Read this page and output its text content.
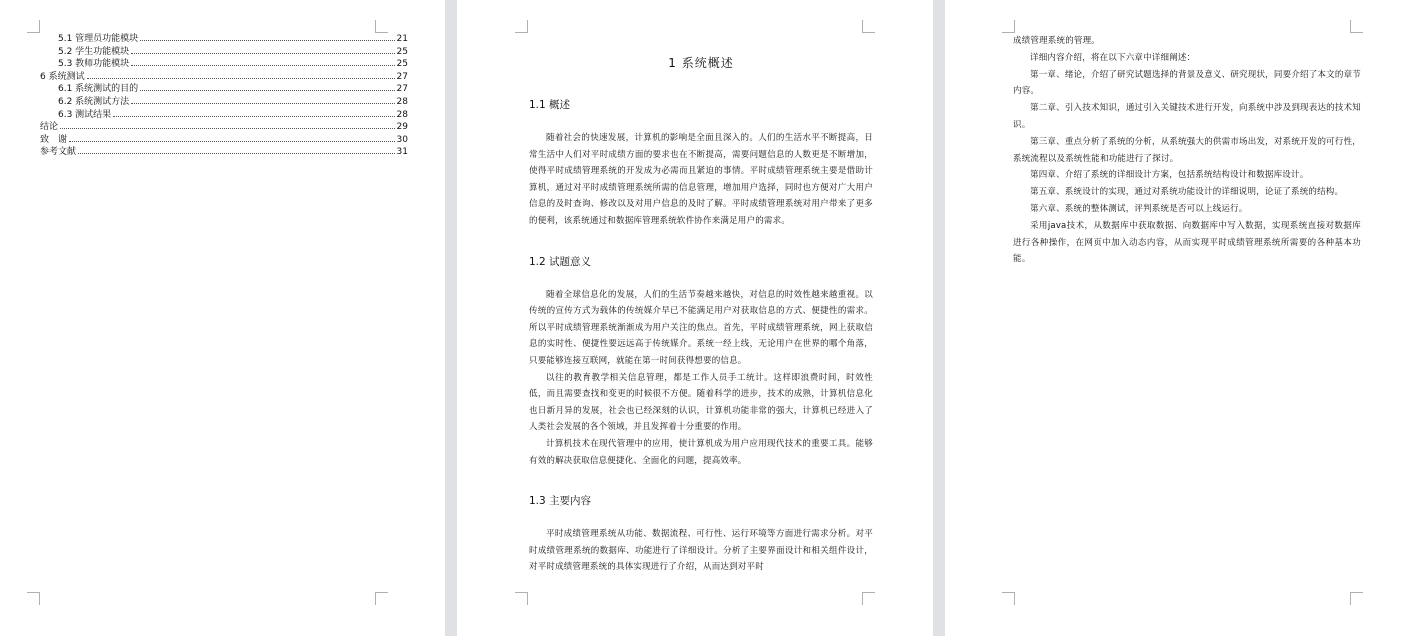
5.1 管理员功能模块	21
5.2 学生功能模块	25
5.3 教师功能模块	25
6 系统测试	27
6.1 系统测试的目的	27
6.2 系统测试方法	28
6.3 测试结果	28
结论	29
致　谢	30
参考文献	31
1 系统概述
1.1 概述

随着社会的快速发展，计算机的影响是全面且深入的。人们的生活水平不断提高，日常生活中人们对平时成绩方面的要求也在不断提高，需要问题信息的人数更是不断增加，使得平时成绩管理系统的开发成为必需而且紧迫的事情。平时成绩管理系统主要是借助计算机，通过对平时成绩管理系统所需的信息管理，增加用户选择，同时也方便对广大用户信息的及时查询、修改以及对用户信息的及时了解。平时成绩管理系统对用户带来了更多的便利，该系统通过和数据库管理系统软件协作来满足用户的需求。

1.2 试题意义

随着全球信息化的发展，人们的生活节奏越来越快，对信息的时效性越来越重视。以传统的宣传方式为载体的传统媒介早已不能满足用户对获取信息的方式、便捷性的需求。所以平时成绩管理系统渐渐成为用户关注的焦点。首先，平时成绩管理系统，网上获取信息的实时性、便捷性要远远高于传统媒介。系统一经上线，无论用户在世界的哪个角落，只要能够连接互联网，就能在第一时间获得想要的信息。

以往的教育教学相关信息管理，都是工作人员手工统计。这样即浪费时间，时效性低，而且需要查找和变更的时候很不方便。随着科学的进步，技术的成熟，计算机信息化也日新月异的发展，社会也已经深刻的认识，计算机功能非常的强大，计算机已经进入了人类社会发展的各个领域，并且发挥着十分重要的作用。

计算机技术在现代管理中的应用，使计算机成为用户应用现代技术的重要工具。能够有效的解决获取信息便捷化、全面化的问题，提高效率。

1.3 主要内容

平时成绩管理系统从功能、数据流程、可行性、运行环境等方面进行需求分析。对平时成绩管理系统的数据库、功能进行了详细设计。分析了主要界面设计和相关组件设计，对平时成绩管理系统的具体实现进行了介绍，从而达到对平时

成绩管理系统的管理。

详细内容介绍，将在以下六章中详细阐述：

第一章、绪论，介绍了研究试题选择的背景及意义、研究现状，同要介绍了本文的章节内容。

第二章、引入技术知识，通过引入关键技术进行开发，向系统中涉及到现表达的技术知识。

第三章、重点分析了系统的分析，从系统强大的供需市场出发，对系统开发的可行性，系统流程以及系统性能和功能进行了探讨。

第四章、介绍了系统的详细设计方案，包括系统结构设计和数据库设计。

第五章、系统设计的实现，通过对系统功能设计的详细说明，论证了系统的结构。

第六章、系统的整体测试，评判系统是否可以上线运行。

采用java技术，从数据库中获取数据、向数据库中写入数据，实现系统直接对数据库进行各种操作，在网页中加入动态内容，从而实现平时成绩管理系统所需要的各种基本功能。
